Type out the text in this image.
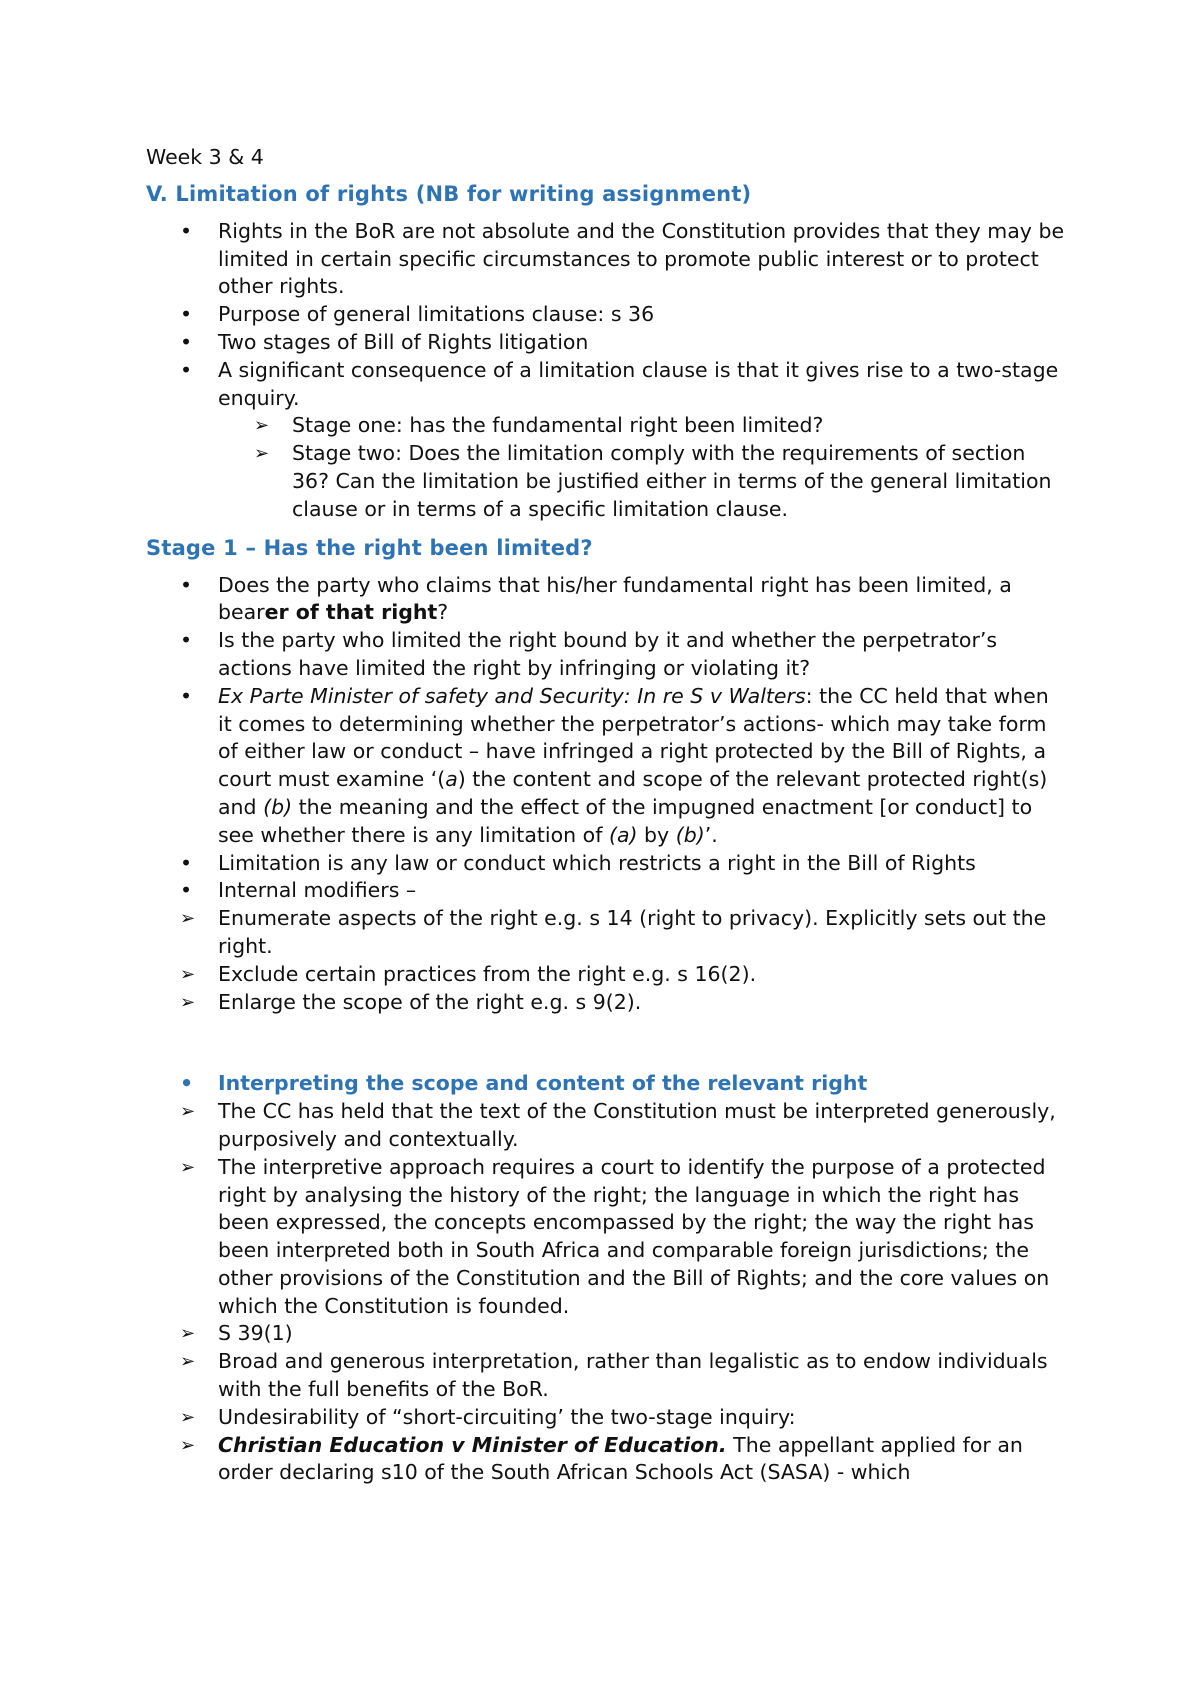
Week 3 & 4
V. Limitation of rights (NB for writing assignment)
• Rights in the BoR are not absolute and the Constitution provides that they may be limited in certain specific circumstances to promote public interest or to protect other rights.
• Purpose of general limitations clause: s 36
• Two stages of Bill of Rights litigation
• A significant consequence of a limitation clause is that it gives rise to a two-stage enquiry.
➢ Stage one: has the fundamental right been limited?
➢ Stage two: Does the limitation comply with the requirements of section 36? Can the limitation be justified either in terms of the general limitation clause or in terms of a specific limitation clause.
Stage 1 – Has the right been limited?
• Does the party who claims that his/her fundamental right has been limited, a bearer of that right?
• Is the party who limited the right bound by it and whether the perpetrator’s actions have limited the right by infringing or violating it?
• Ex Parte Minister of safety and Security: In re S v Walters: the CC held that when it comes to determining whether the perpetrator’s actions- which may take form of either law or conduct – have infringed a right protected by the Bill of Rights, a court must examine ‘(a) the content and scope of the relevant protected right(s) and (b) the meaning and the effect of the impugned enactment [or conduct] to see whether there is any limitation of (a) by (b)’.
• Limitation is any law or conduct which restricts a right in the Bill of Rights
• Internal modifiers –
➢ Enumerate aspects of the right e.g. s 14 (right to privacy). Explicitly sets out the right.
➢ Exclude certain practices from the right e.g. s 16(2).
➢ Enlarge the scope of the right e.g. s 9(2).
• Interpreting the scope and content of the relevant right
➢ The CC has held that the text of the Constitution must be interpreted generously, purposively and contextually.
➢ The interpretive approach requires a court to identify the purpose of a protected right by analysing the history of the right; the language in which the right has been expressed, the concepts encompassed by the right; the way the right has been interpreted both in South Africa and comparable foreign jurisdictions; the other provisions of the Constitution and the Bill of Rights; and the core values on which the Constitution is founded.
➢ S 39(1)
➢ Broad and generous interpretation, rather than legalistic as to endow individuals with the full benefits of the BoR.
➢ Undesirability of “short-circuiting’ the two-stage inquiry:
➢ Christian Education v Minister of Education. The appellant applied for an order declaring s10 of the South African Schools Act (SASA) - which
